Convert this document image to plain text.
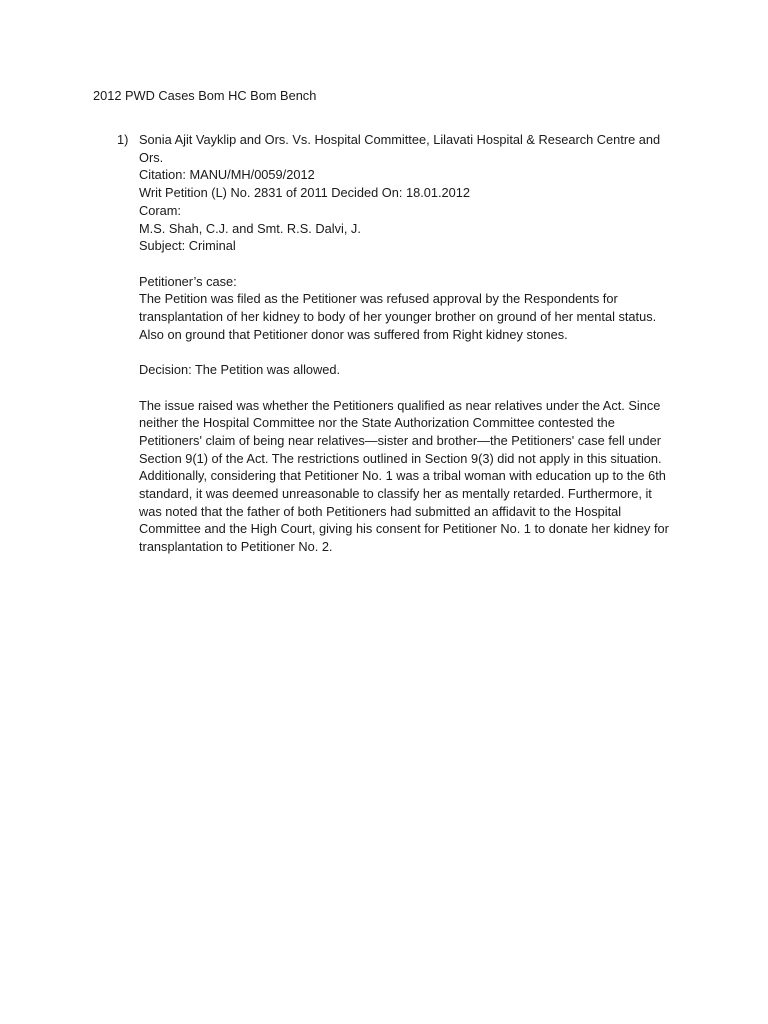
2012 PWD Cases Bom HC Bom Bench
1) Sonia Ajit Vayklip and Ors. Vs. Hospital Committee, Lilavati Hospital & Research Centre and Ors.
Citation: MANU/MH/0059/2012
Writ Petition (L) No. 2831 of 2011 Decided On: 18.01.2012
Coram:
M.S. Shah, C.J. and Smt. R.S. Dalvi, J.
Subject: Criminal
Petitioner’s case:
The Petition was filed as the Petitioner was refused approval by the Respondents for transplantation of her kidney to body of her younger brother on ground of her mental status. Also on ground that Petitioner donor was suffered from Right kidney stones.
Decision: The Petition was allowed.
The issue raised was whether the Petitioners qualified as near relatives under the Act. Since neither the Hospital Committee nor the State Authorization Committee contested the Petitioners' claim of being near relatives—sister and brother—the Petitioners' case fell under Section 9(1) of the Act. The restrictions outlined in Section 9(3) did not apply in this situation. Additionally, considering that Petitioner No. 1 was a tribal woman with education up to the 6th standard, it was deemed unreasonable to classify her as mentally retarded. Furthermore, it was noted that the father of both Petitioners had submitted an affidavit to the Hospital Committee and the High Court, giving his consent for Petitioner No. 1 to donate her kidney for transplantation to Petitioner No. 2.
